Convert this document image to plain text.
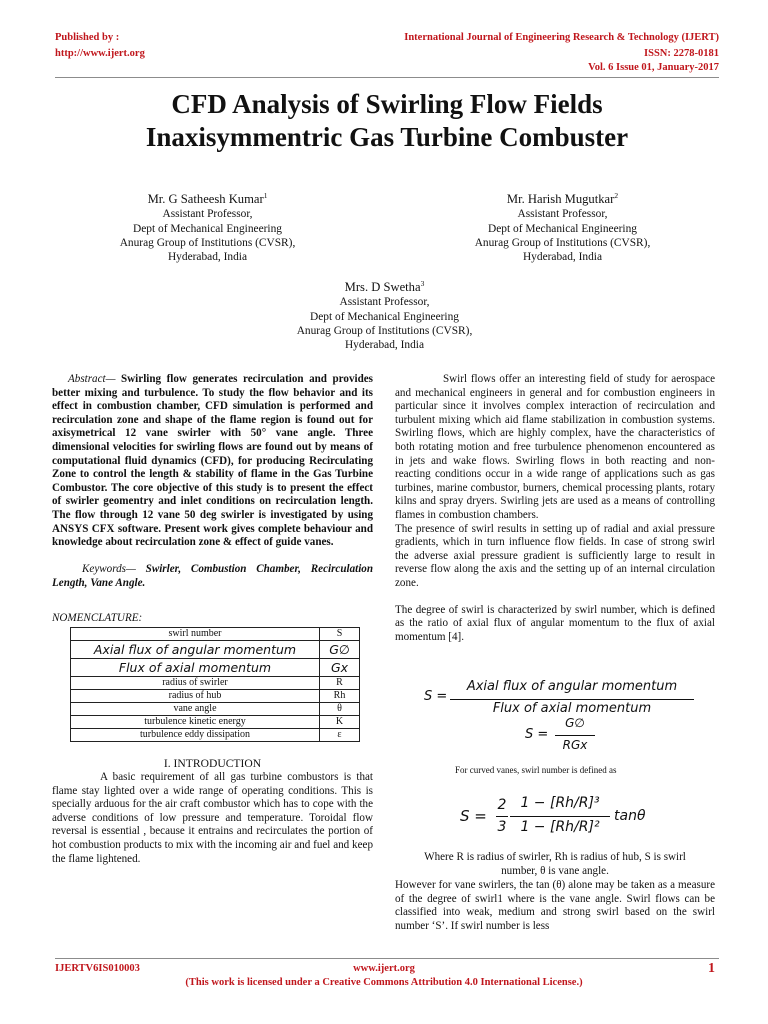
Published by :
http://www.ijert.org
International Journal of Engineering Research & Technology (IJERT)
ISSN: 2278-0181
Vol. 6 Issue 01, January-2017
CFD Analysis of Swirling Flow Fields
Inaxisymmentric Gas Turbine Combuster
Mr. G Satheesh Kumar$^1$
Assistant Professor,
Dept of Mechanical Engineering
Anurag Group of Institutions (CVSR),
Hyderabad, India
Mr. Harish Mugutkar$^2$
Assistant Professor,
Dept of Mechanical Engineering
Anurag Group of Institutions (CVSR),
Hyderabad, India
Mrs. D Swetha$^3$
Assistant Professor,
Dept of Mechanical Engineering
Anurag Group of Institutions (CVSR),
Hyderabad, India

Abstract— Swirling flow generates recirculation and provides better mixing and turbulence. To study the flow behavior and its effect in combustion chamber, CFD simulation is performed and recirculation zone and shape of the flame region is found out for axisymetrical 12 vane swirler with 50° vane angle. Three dimensional velocities for swirling flows are found out by means of computational fluid dynamics (CFD), for producing Recirculating Zone to control the length & stability of flame in the Gas Turbine Combustor. The core objective of this study is to present the effect of swirler geomentry and inlet conditions on recirculation length. The flow through 12 vane 50 deg swirler is investigated by using ANSYS CFX software. Present work gives complete behaviour and knowledge about recirculation zone & effect of guide vanes.

Keywords— Swirler, Combustion Chamber, Recirculation Length, Vane Angle.

NOMENCLATURE:
swirl number	S
Axial flux of angular momentum	G∅
Flux of axial momentum	Gx
radius of swirler	R
radius of hub	Rh
vane angle	θ
turbulence kinetic energy	K
turbulence eddy dissipation	ε
I. INTRODUCTION

A basic requirement of all gas turbine combustors is that flame stay lighted over a wide range of operating conditions. This is specially arduous for the air craft combustor which has to cope with the adverse conditions of low pressure and temperature. Toroidal flow reversal is essential , because it entrains and recirculates the portion of hot combustion products to mix with the incoming air and fuel and keep the flame lightened.

Swirl flows offer an interesting field of study for aerospace and mechanical engineers in general and for combustion engineers in particular since it involves complex interaction of recirculation and turbulent mixing which aid flame stabilization in combustion systems. Swirling flows, which are highly complex, have the characteristics of both rotating motion and free turbulence phenomenon encountered as in jets and wake flows. Swirling flows in both reacting and non-reacting conditions occur in a wide range of applications such as gas turbines, marine combustor, burners, chemical processing plants, rotary kilns and spray dryers. Swirling jets are used as a means of controlling flames in combustion chambers.

The presence of swirl results in setting up of radial and axial pressure gradients, which in turn influence flow fields. In case of strong swirl the adverse axial pressure gradient is sufficiently large to result in reverse flow along the axis and the setting up of an internal circulation zone.

The degree of swirl is characterized by swirl number, which is defined as the ratio of axial flux of angular momentum to the flux of axial momentum [4].

S =
Axial flux of angular momentum
Flux of axial momentum
S =
G∅
RGx
For curved vanes, swirl number is defined as
S =
2
3
1 − [Rh/R]³
1 − [Rh/R]²
tanθ
Where R is radius of swirler, Rh is radius of hub, S is swirl
number, θ is vane angle.

However for vane swirlers, the tan (θ) alone may be taken as a measure of the degree of swirl1 where is the vane angle. Swirl flows can be classified into weak, medium and strong swirl based on the swirl number ‘S’. If swirl number is less

IJERTV6IS010003	www.ijert.org	1
(This work is licensed under a Creative Commons Attribution 4.0 International License.)
